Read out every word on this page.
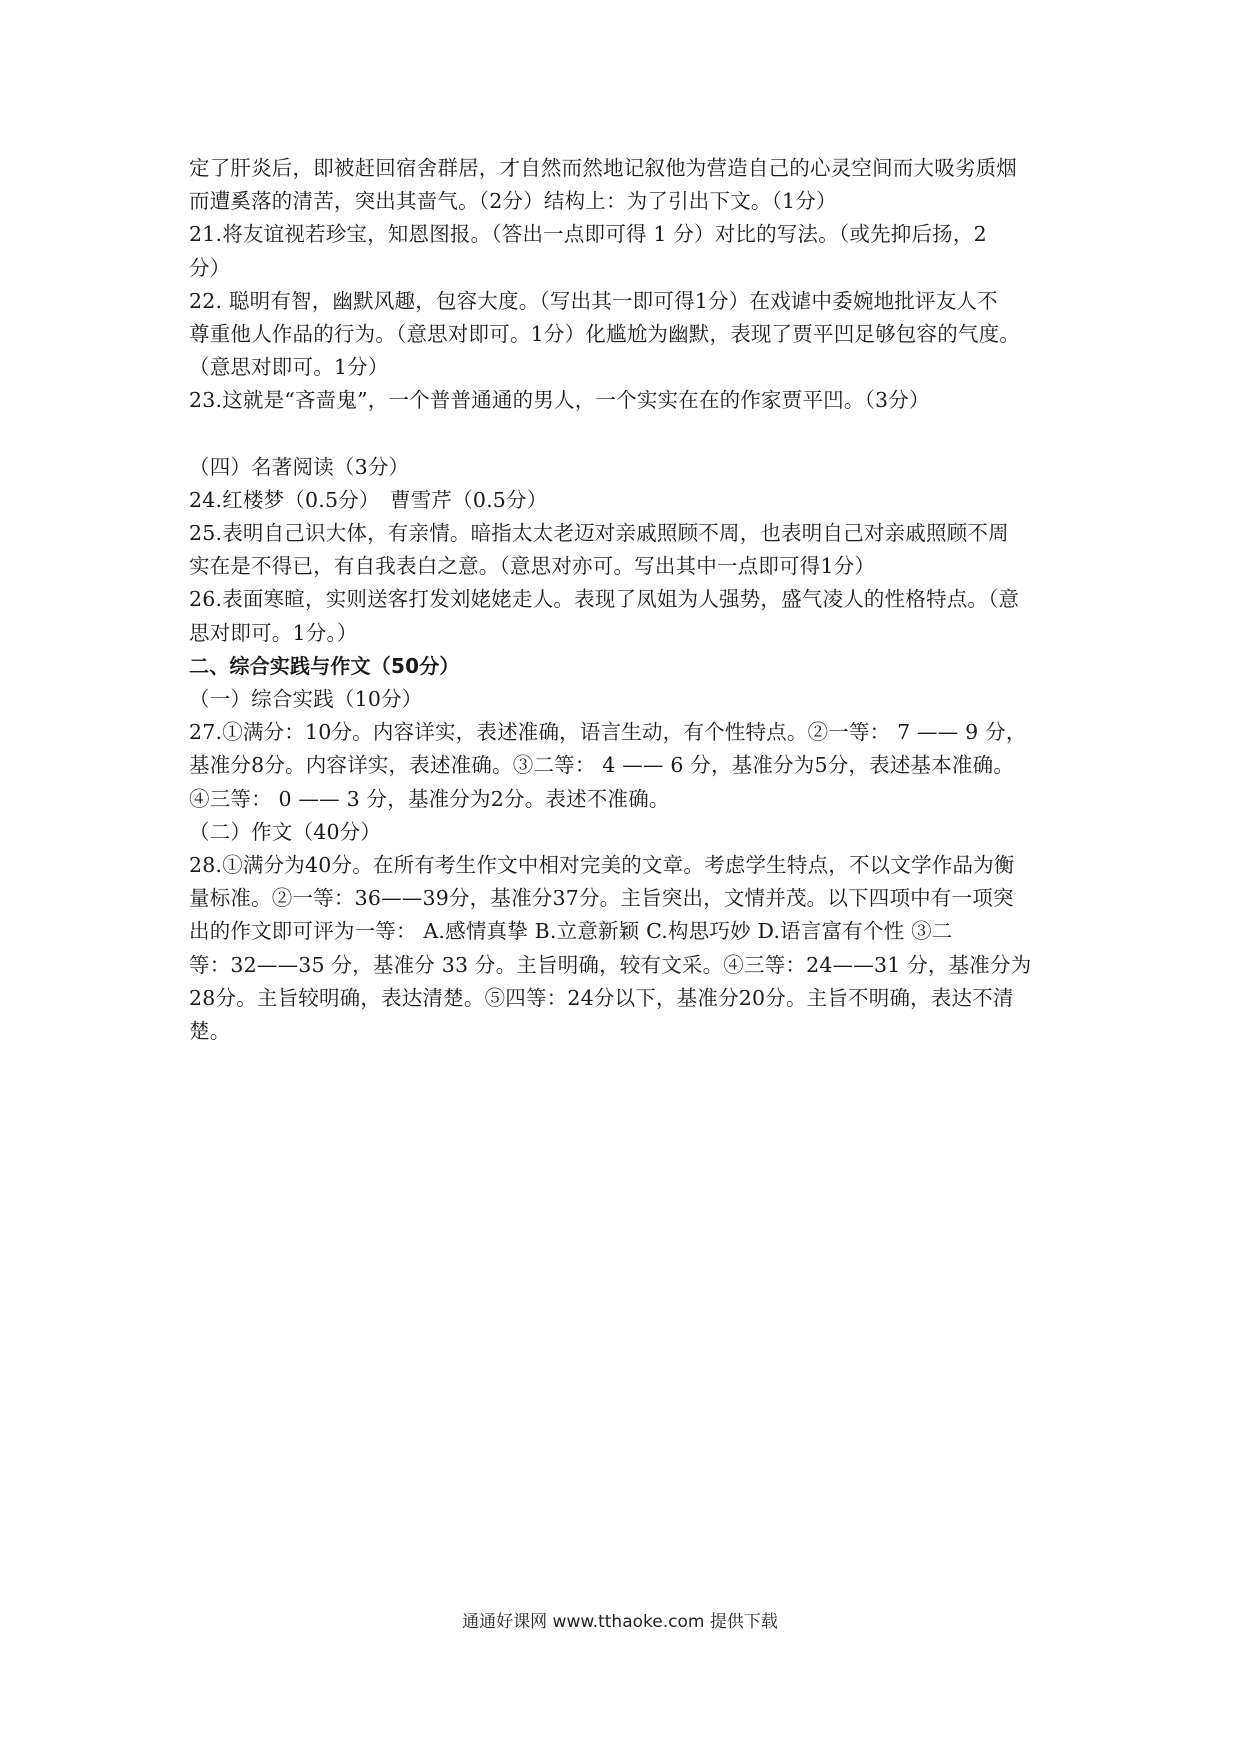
定了肝炎后，即被赶回宿舍群居，才自然而然地记叙他为营造自己的心灵空间而大吸劣质烟

而遭奚落的清苦，突出其啬气。（2分）结构上：为了引出下文。（1分）

21.将友谊视若珍宝，知恩图报。（答出一点即可得 1 分）对比的写法。（或先抑后扬，2

分）

22. 聪明有智，幽默风趣，包容大度。（写出其一即可得1分）在戏谑中委婉地批评友人不

尊重他人作品的行为。（意思对即可。1分）化尴尬为幽默，表现了贾平凹足够包容的气度。

（意思对即可。1分）

23.这就是“吝啬鬼”，一个普普通通的男人，一个实实在在的作家贾平凹。（3分）

（四）名著阅读（3分）

24.红楼梦（0.5分）　曹雪芹（0.5分）

25.表明自己识大体，有亲情。暗指太太老迈对亲戚照顾不周，也表明自己对亲戚照顾不周

实在是不得已，有自我表白之意。（意思对亦可。写出其中一点即可得1分）

26.表面寒暄，实则送客打发刘姥姥走人。表现了凤姐为人强势，盛气凌人的性格特点。（意

思对即可。1分。）

二、综合实践与作文（50分）

（一）综合实践（10分）

27.①满分：10分。内容详实，表述准确，语言生动，有个性特点。②一等： 7 —— 9 分，

基准分8分。内容详实，表述准确。③二等： 4 —— 6 分，基准分为5分，表述基本准确。

④三等： 0 —— 3 分，基准分为2分。表述不准确。

（二）作文（40分）

28.①满分为40分。在所有考生作文中相对完美的文章。考虑学生特点，不以文学作品为衡

量标准。②一等：36——39分，基准分37分。主旨突出，文情并茂。以下四项中有一项突

出的作文即可评为一等： A.感情真挚 B.立意新颖 C.构思巧妙 D.语言富有个性 ③二

等：32——35 分，基准分 33 分。主旨明确，较有文采。④三等：24——31 分，基准分为

28分。主旨较明确，表达清楚。⑤四等：24分以下，基准分20分。主旨不明确，表达不清

楚。

通通好课网 www.tthaoke.com 提供下载
